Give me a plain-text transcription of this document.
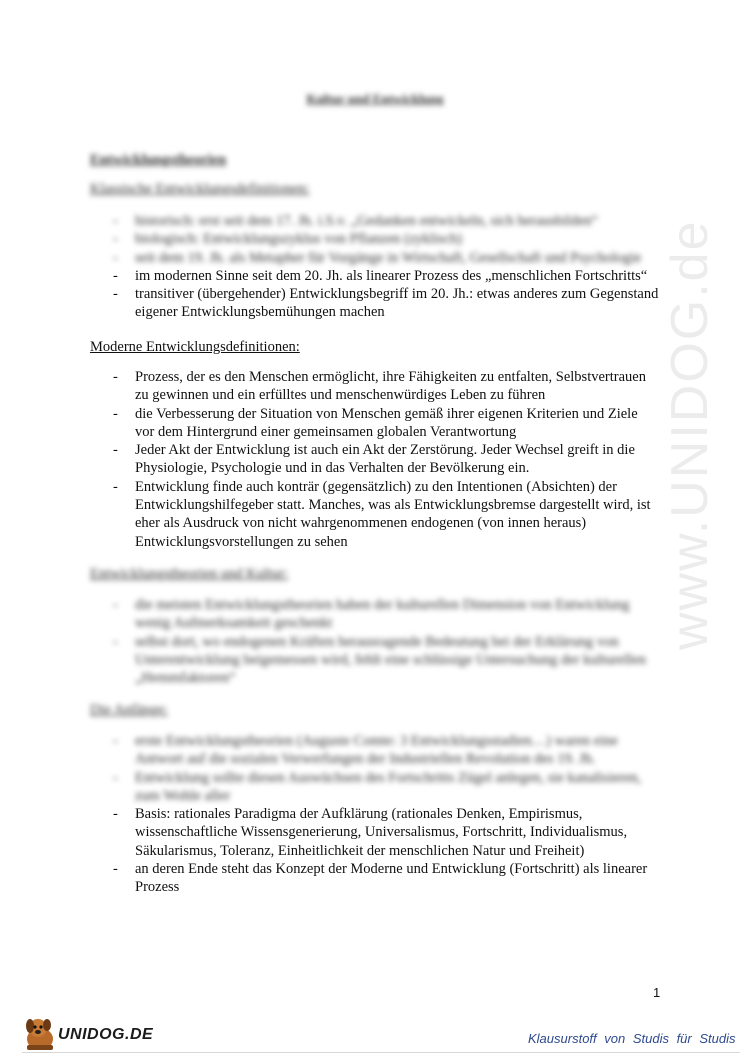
www.UNIDOG.de
Kultur und Entwicklung
Entwicklungstheorien
Klassische Entwicklungsdefinitionen:
- historisch: erst seit dem 17. Jh. i.S.v. „Gedanken entwickeln, sich herausbilden“
- biologisch: Entwicklungszyklus von Pflanzen (zyklisch)
- seit dem 19. Jh. als Metapher für Vorgänge in Wirtschaft, Gesellschaft und Psychologie
- im modernen Sinne seit dem 20. Jh. als linearer Prozess des „menschlichen Fortschritts“
- transitiver (übergehender) Entwicklungsbegriff im 20. Jh.: etwas anderes zum Gegenstand eigener Entwicklungsbemühungen machen
Moderne Entwicklungsdefinitionen:
- Prozess, der es den Menschen ermöglicht, ihre Fähigkeiten zu entfalten, Selbstvertrauen zu gewinnen und ein erfülltes und menschenwürdiges Leben zu führen
- die Verbesserung der Situation von Menschen gemäß ihrer eigenen Kriterien und Ziele vor dem Hintergrund einer gemeinsamen globalen Verantwortung
- Jeder Akt der Entwicklung ist auch ein Akt der Zerstörung. Jeder Wechsel greift in die Physiologie, Psychologie und in das Verhalten der Bevölkerung ein.
- Entwicklung finde auch konträr (gegensätzlich) zu den Intentionen (Absichten) der Entwicklungshilfegeber statt. Manches, was als Entwicklungsbremse dargestellt wird, ist eher als Ausdruck von nicht wahrgenommenen endogenen (von innen heraus) Entwicklungsvorstellungen zu sehen
Entwicklungstheorien und Kultur:
- die meisten Entwicklungstheorien haben der kulturellen Dimension von Entwicklung wenig Aufmerksamkeit geschenkt
- selbst dort, wo endogenen Kräften herausragende Bedeutung bei der Erklärung von Unterentwicklung beigemessen wird, fehlt eine schlüssige Untersuchung der kulturellen „Hemmfaktoren“
Die Anfänge:
- erste Entwicklungstheorien (Auguste Comte: 3 Entwicklungsstadien…) waren eine Antwort auf die sozialen Verwerfungen der Industriellen Revolution des 19. Jh.
- Entwicklung sollte diesen Auswüchsen des Fortschritts Zügel anlegen, sie kanalisieren, zum Wohle aller
- Basis: rationales Paradigma der Aufklärung (rationales Denken, Empirismus, wissenschaftliche Wissensgenerierung, Universalismus, Fortschritt, Individualismus, Säkularismus, Toleranz, Einheitlichkeit der menschlichen Natur und Freiheit)
- an deren Ende steht das Konzept der Moderne und Entwicklung (Fortschritt) als linearer Prozess
1
UNIDOG.DE	Klausurstoff von Studis für Studis
